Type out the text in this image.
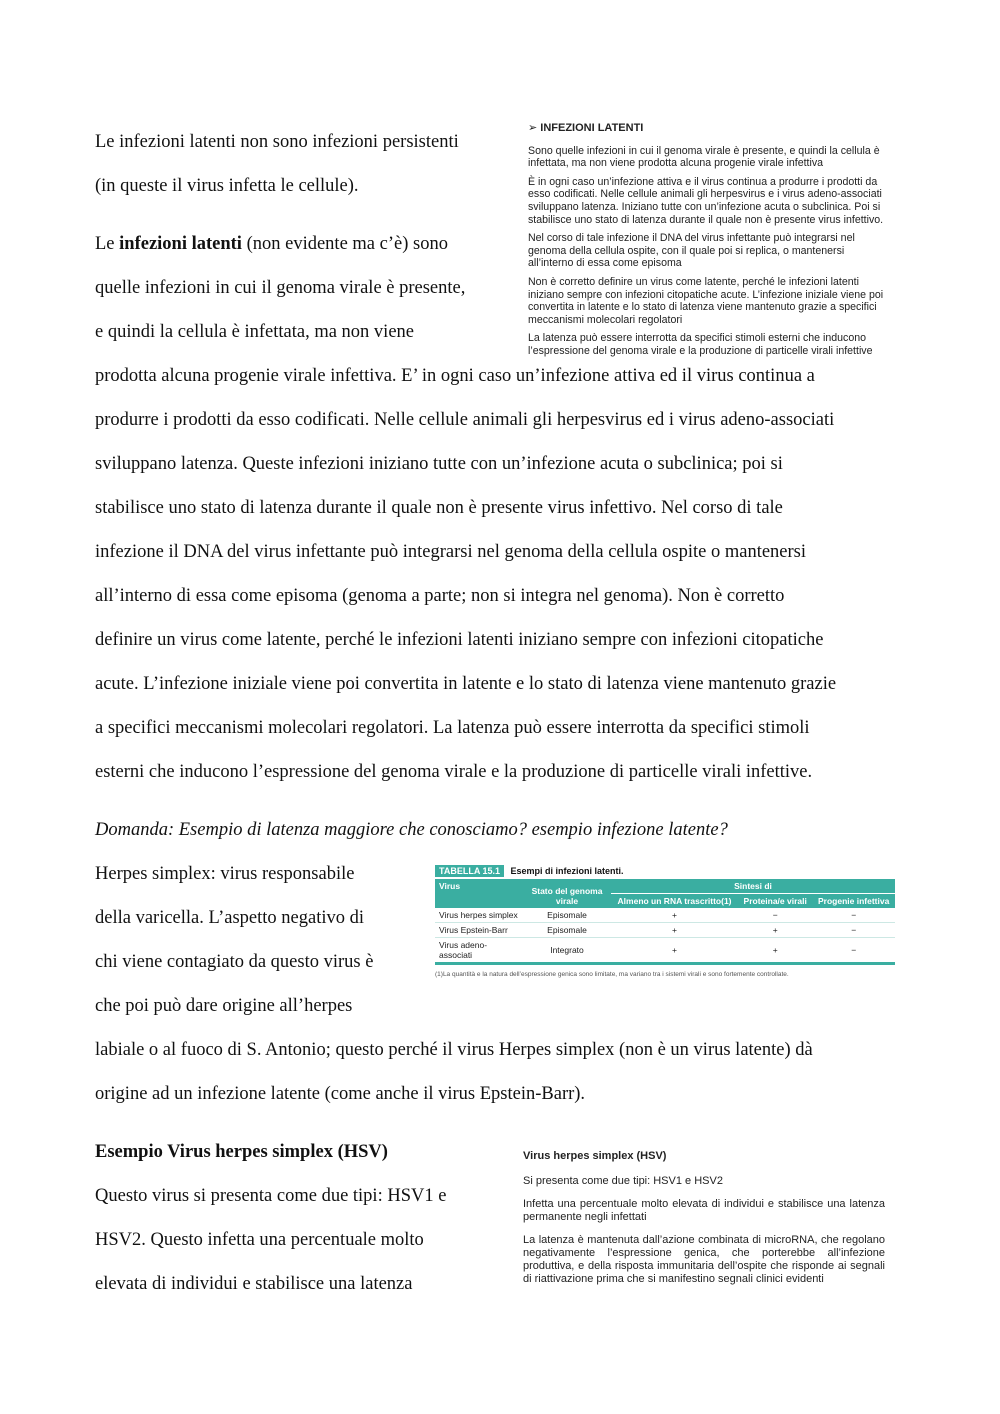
Le infezioni latenti non sono infezioni persistenti
(in queste il virus infetta le cellule).
Le infezioni latenti (non evidente ma c’è) sono
quelle infezioni in cui il genoma virale è presente,
e quindi la cellula è infettata, ma non viene
prodotta alcuna progenie virale infettiva. E’ in ogni caso un’infezione attiva ed il virus continua a
produrre i prodotti da esso codificati. Nelle cellule animali gli herpesvirus ed i virus adeno-associati
sviluppano latenza. Queste infezioni iniziano tutte con un’infezione acuta o subclinica; poi si
stabilisce uno stato di latenza durante il quale non è presente virus infettivo. Nel corso di tale
infezione il DNA del virus infettante può integrarsi nel genoma della cellula ospite o mantenersi
all’interno di essa come episoma (genoma a parte; non si integra nel genoma). Non è corretto
definire un virus come latente, perché le infezioni latenti iniziano sempre con infezioni citopatiche
acute. L’infezione iniziale viene poi convertita in latente e lo stato di latenza viene mantenuto grazie
a specifici meccanismi molecolari regolatori. La latenza può essere interrotta da specifici stimoli
esterni che inducono l’espressione del genoma virale e la produzione di particelle virali infettive.

➢ INFEZIONI LATENTI

Sono quelle infezioni in cui il genoma virale è presente, e quindi la cellula è infettata, ma non viene prodotta alcuna progenie virale infettiva

È in ogni caso un’infezione attiva e il virus continua a produrre i prodotti da esso codificati. Nelle cellule animali gli herpesvirus e i virus adeno-associati sviluppano latenza. Iniziano tutte con un’infezione acuta o subclinica. Poi si stabilisce uno stato di latenza durante il quale non è presente virus infettivo.

Nel corso di tale infezione il DNA del virus infettante può integrarsi nel genoma della cellula ospite, con il quale poi si replica, o mantenersi all’interno di essa come episoma

Non è corretto definire un virus come latente, perché le infezioni latenti iniziano sempre con infezioni citopatiche acute. L’infezione iniziale viene poi convertita in latente e lo stato di latenza viene mantenuto grazie a specifici meccanismi molecolari regolatori

La latenza può essere interrotta da specifici stimoli esterni che inducono l’espressione del genoma virale e la produzione di particelle virali infettive

Domanda: Esempio di latenza maggiore che conosciamo? esempio infezione latente?
Herpes simplex: virus responsabile
della varicella. L’aspetto negativo di
chi viene contagiato da questo virus è
che poi può dare origine all’herpes
labiale o al fuoco di S. Antonio; questo perché il virus Herpes simplex (non è un virus latente) dà
origine ad un infezione latente (come anche il virus Epstein-Barr).
TABELLA 15.1 Esempi di infezioni latenti.
Virus	Stato del genoma virale	Sintesi di		
		Almeno un RNA trascritto(1)	Proteina/e virali	Progenie infettiva
Virus herpes simplex	Episomale	+	−	−
Virus Epstein-Barr	Episomale	+	+	−
Virus adeno-associati	Integrato	+	+	−
(1)La quantità e la natura dell’espressione genica sono limitate, ma variano tra i sistemi virali e sono fortemente controllate.
Esempio Virus herpes simplex (HSV)
Questo virus si presenta come due tipi: HSV1 e
HSV2. Questo infetta una percentuale molto
elevata di individui e stabilisce una latenza

Virus herpes simplex (HSV)

Si presenta come due tipi: HSV1 e HSV2

Infetta una percentuale molto elevata di individui e stabilisce una latenza permanente negli infettati

La latenza è mantenuta dall’azione combinata di microRNA, che regolano negativamente l’espressione genica, che porterebbe all’infezione produttiva, e della risposta immunitaria dell’ospite che risponde ai segnali di riattivazione prima che si manifestino segnali clinici evidenti
